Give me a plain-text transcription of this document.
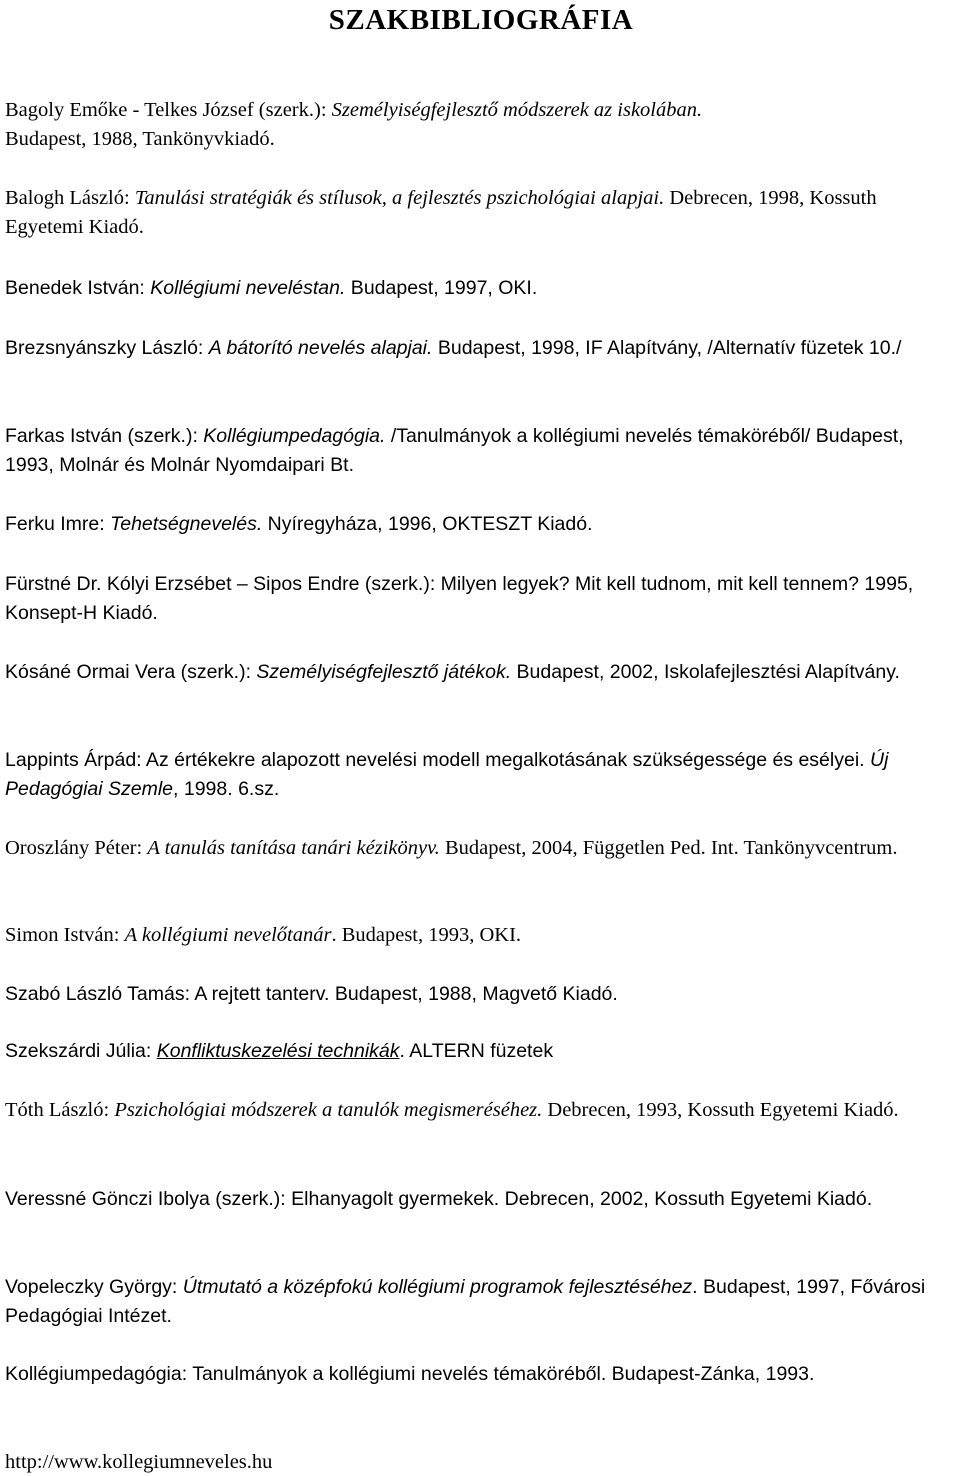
SZAKBIBLIOGRÁFIA
Bagoly Emőke - Telkes József (szerk.): Személyiségfejlesztő módszerek az iskolában.
Budapest, 1988, Tankönyvkiadó.
Balogh László: Tanulási stratégiák és stílusok, a fejlesztés pszichológiai alapjai. Debrecen, 1998, Kossuth Egyetemi Kiadó.
Benedek István: Kollégiumi neveléstan. Budapest, 1997, OKI.
Brezsnyánszky László: A bátorító nevelés alapjai. Budapest, 1998, IF Alapítvány, /Alternatív füzetek 10./
Farkas István (szerk.): Kollégiumpedagógia. /Tanulmányok a kollégiumi nevelés témaköréből/ Budapest, 1993, Molnár és Molnár Nyomdaipari Bt.
Ferku Imre: Tehetségnevelés. Nyíregyháza, 1996, OKTESZT Kiadó.
Fürstné Dr. Kólyi Erzsébet – Sipos Endre (szerk.): Milyen legyek? Mit kell tudnom, mit kell tennem? 1995, Konsept-H Kiadó.
Kósáné Ormai Vera (szerk.): Személyiségfejlesztő játékok. Budapest, 2002, Iskolafejlesztési Alapítvány.
Lappints Árpád: Az értékekre alapozott nevelési modell megalkotásának szükségessége és esélyei. Új Pedagógiai Szemle, 1998. 6.sz.
Oroszlány Péter: A tanulás tanítása tanári kézikönyv. Budapest, 2004, Független Ped. Int. Tankönyvcentrum.
Simon István: A kollégiumi nevelőtanár. Budapest, 1993, OKI.
Szabó László Tamás: A rejtett tanterv. Budapest, 1988, Magvető Kiadó.
Szekszárdi Júlia: Konfliktuskezelési technikák. ALTERN füzetek
Tóth László: Pszichológiai módszerek a tanulók megismeréséhez. Debrecen, 1993, Kossuth Egyetemi Kiadó.
Veressné Gönczi Ibolya (szerk.): Elhanyagolt gyermekek. Debrecen, 2002, Kossuth Egyetemi Kiadó.
Vopeleczky György: Útmutató a középfokú kollégiumi programok fejlesztéséhez. Budapest, 1997, Fővárosi Pedagógiai Intézet.
Kollégiumpedagógia: Tanulmányok a kollégiumi nevelés témaköréből. Budapest-Zánka, 1993.
http://www.kollegiumneveles.hu
